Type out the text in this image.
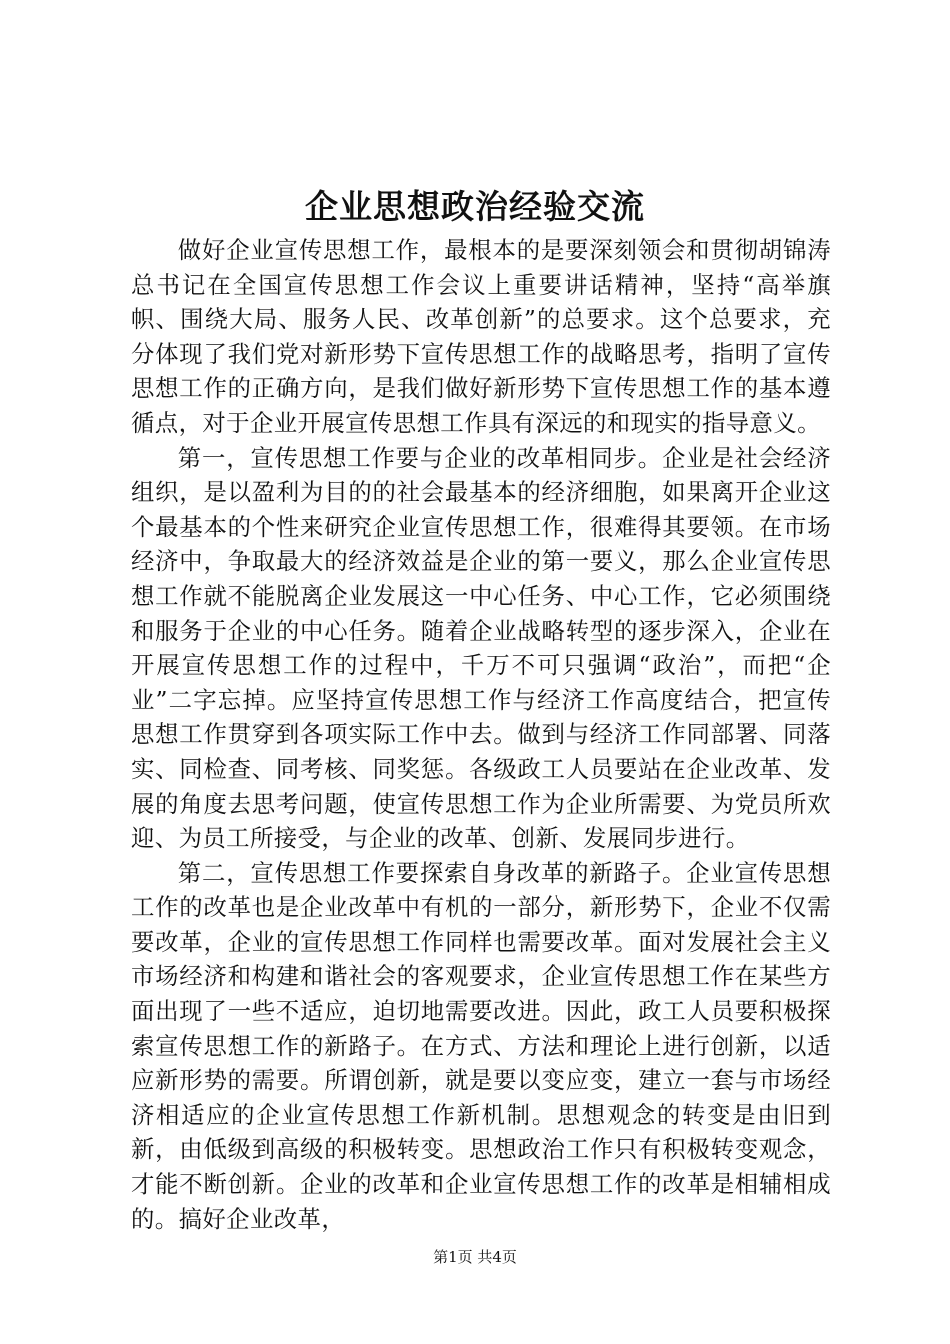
企业思想政治经验交流

做好企业宣传思想工作，最根本的是要深刻领会和贯彻胡锦涛总书记在全国宣传思想工作会议上重要讲话精神，坚持“高举旗帜、围绕大局、服务人民、改革创新”的总要求。这个总要求，充分体现了我们党对新形势下宣传思想工作的战略思考，指明了宣传思想工作的正确方向，是我们做好新形势下宣传思想工作的基本遵循点，对于企业开展宣传思想工作具有深远的和现实的指导意义。

第一，宣传思想工作要与企业的改革相同步。企业是社会经济组织，是以盈利为目的的社会最基本的经济细胞，如果离开企业这个最基本的个性来研究企业宣传思想工作，很难得其要领。在市场经济中，争取最大的经济效益是企业的第一要义，那么企业宣传思想工作就不能脱离企业发展这一中心任务、中心工作，它必须围绕和服务于企业的中心任务。随着企业战略转型的逐步深入，企业在开展宣传思想工作的过程中，千万不可只强调“政治”，而把“企业”二字忘掉。应坚持宣传思想工作与经济工作高度结合，把宣传思想工作贯穿到各项实际工作中去。做到与经济工作同部署、同落实、同检查、同考核、同奖惩。各级政工人员要站在企业改革、发展的角度去思考问题，使宣传思想工作为企业所需要、为党员所欢迎、为员工所接受，与企业的改革、创新、发展同步进行。

第二，宣传思想工作要探索自身改革的新路子。企业宣传思想工作的改革也是企业改革中有机的一部分，新形势下，企业不仅需要改革，企业的宣传思想工作同样也需要改革。面对发展社会主义市场经济和构建和谐社会的客观要求，企业宣传思想工作在某些方面出现了一些不适应，迫切地需要改进。因此，政工人员要积极探索宣传思想工作的新路子。在方式、方法和理论上进行创新，以适应新形势的需要。所谓创新，就是要以变应变，建立一套与市场经济相适应的企业宣传思想工作新机制。思想观念的转变是由旧到新，由低级到高级的积极转变。思想政治工作只有积极转变观念，才能不断创新。企业的改革和企业宣传思想工作的改革是相辅相成的。搞好企业改革，

第1页 共4页
